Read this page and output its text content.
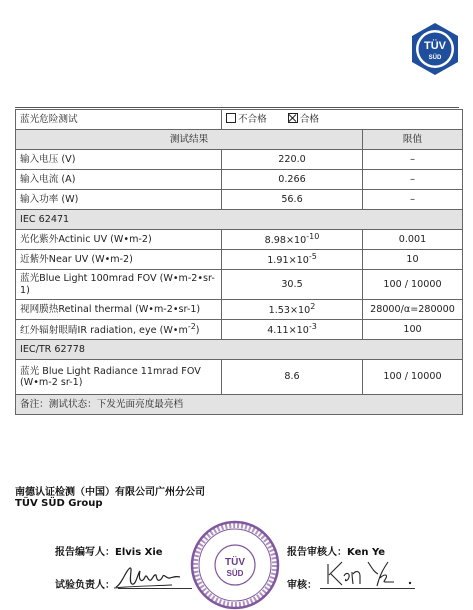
TÜV
SÜD
蓝光危险测试	不合格 合格	
测试结果		限值
输入电压 (V)	220.0	–
输入电流 (A)	0.266	–
输入功率 (W)	56.6	–
IEC 62471		
光化紫外Actinic UV (W•m-2)	$8.98\times 10^{-10}$	0.001
近紫外Near UV (W•m-2)	$1.91\times 10^{-5}$	10
蓝光Blue Light 100mrad FOV (W•m-2•sr-1)	30.5	100 / 10000
视网膜热Retinal thermal (W•m-2•sr-1)	$1.53\times 10^2$	28000/α=280000
红外辐射眼睛IR radiation, eye $(W•m^{-2})$	$4.11\times 10^{-3}$	100
IEC/TR 62778		
蓝光 Blue Light Radiance 11mrad FOV (W•m-2 sr-1)	8.6	100 / 10000
备注：测试状态：下发光面亮度最亮档		
南德认证检测（中国）有限公司广州分公司
TÜV SÜD Group
报告编写人：Elvis Xie	报告审核人：Ken Ye
试验负责人：	审核：
TÜV
SÜD
